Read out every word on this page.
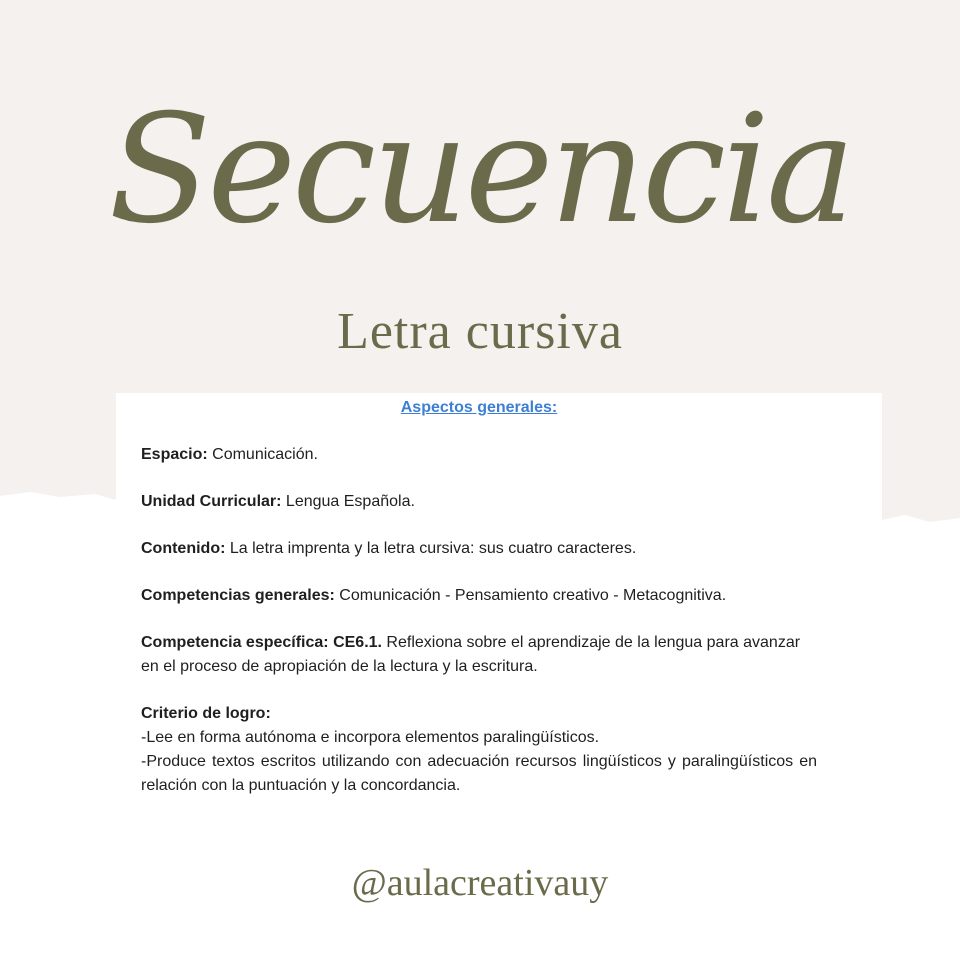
Secuencia
Letra cursiva
Aspectos generales:

Espacio: Comunicación.

Unidad Curricular: Lengua Española.

Contenido: La letra imprenta y la letra cursiva: sus cuatro caracteres.

Competencias generales: Comunicación - Pensamiento creativo - Metacognitiva.

Competencia específica: CE6.1. Reflexiona sobre el aprendizaje de la lengua para avanzar en el proceso de apropiación de la lectura y la escritura.

Criterio de logro:

-Lee en forma autónoma e incorpora elementos paralingüísticos.

-Produce textos escritos utilizando con adecuación recursos lingüísticos y paralingüísticos en relación con la puntuación y la concordancia.

@aulacreativauy
